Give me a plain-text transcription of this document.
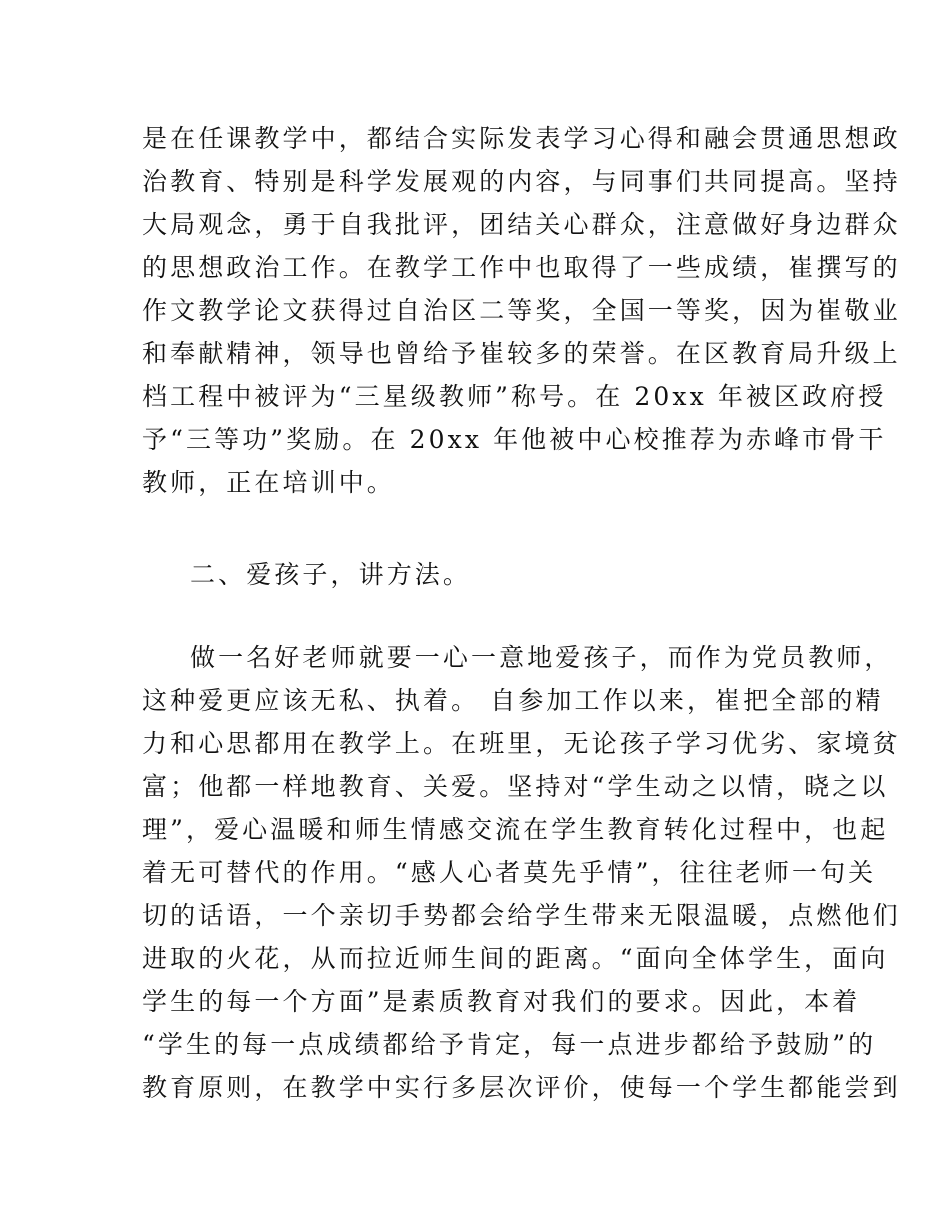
是在任课教学中，都结合实际发表学习心得和融会贯通思想政
治教育、特别是科学发展观的内容，与同事们共同提高。坚持
大局观念，勇于自我批评，团结关心群众，注意做好身边群众
的思想政治工作。在教学工作中也取得了一些成绩，崔撰写的
作文教学论文获得过自治区二等奖，全国一等奖，因为崔敬业
和奉献精神，领导也曾给予崔较多的荣誉。在区教育局升级上
档工程中被评为“三星级教师”称号。在 20xx 年被区政府授
予“三等功”奖励。在 20xx 年他被中心校推荐为赤峰市骨干
教师，正在培训中。
二、爱孩子，讲方法。
做一名好老师就要一心一意地爱孩子，而作为党员教师，
这种爱更应该无私、执着。 自参加工作以来，崔把全部的精
力和心思都用在教学上。在班里，无论孩子学习优劣、家境贫
富；他都一样地教育、关爱。坚持对“学生动之以情，晓之以
理”，爱心温暖和师生情感交流在学生教育转化过程中，也起
着无可替代的作用。“感人心者莫先乎情”，往往老师一句关
切的话语，一个亲切手势都会给学生带来无限温暖，点燃他们
进取的火花，从而拉近师生间的距离。“面向全体学生，面向
学生的每一个方面”是素质教育对我们的要求。因此，本着
“学生的每一点成绩都给予肯定，每一点进步都给予鼓励”的
教育原则，在教学中实行多层次评价，使每一个学生都能尝到
